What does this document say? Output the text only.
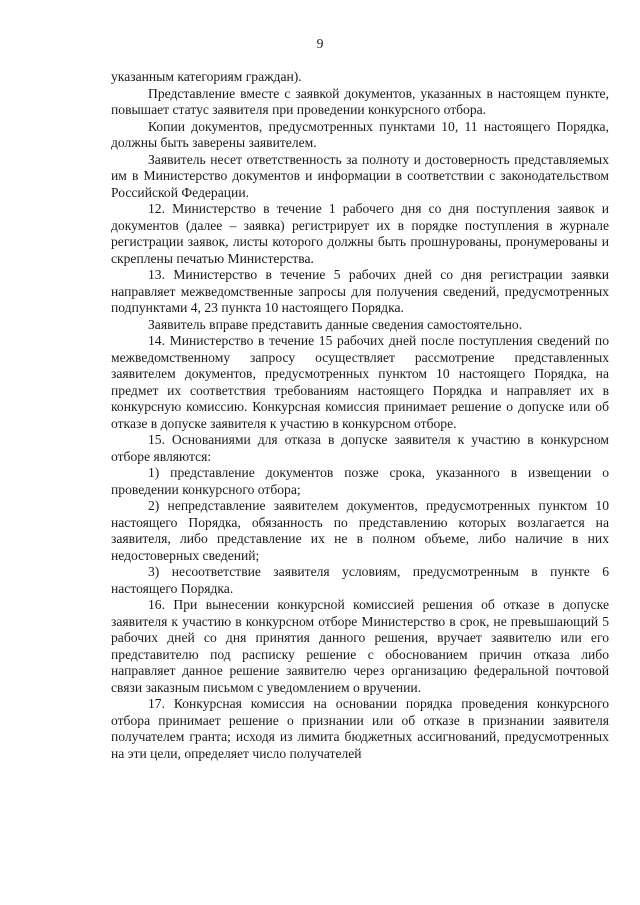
9

указанным категориям граждан).

Представление вместе с заявкой документов, указанных в настоящем пункте, повышает статус заявителя при проведении конкурсного отбора.

Копии документов, предусмотренных пунктами 10, 11 настоящего Порядка, должны быть заверены заявителем.

Заявитель несет ответственность за полноту и достоверность представляемых им в Министерство документов и информации в соответствии с законодательством Российской Федерации.

12. Министерство в течение 1 рабочего дня со дня поступления заявок и документов (далее – заявка) регистрирует их в порядке поступления в журнале регистрации заявок, листы которого должны быть прошнурованы, пронумерованы и скреплены печатью Министерства.

13. Министерство в течение 5 рабочих дней со дня регистрации заявки направляет межведомственные запросы для получения сведений, предусмотренных подпунктами 4, 23 пункта 10 настоящего Порядка.

Заявитель вправе представить данные сведения самостоятельно.

14. Министерство в течение 15 рабочих дней после поступления сведений по межведомственному запросу осуществляет рассмотрение представленных заявителем документов, предусмотренных пунктом 10 настоящего Порядка, на предмет их соответствия требованиям настоящего Порядка и направляет их в конкурсную комиссию. Конкурсная комиссия принимает решение о допуске или об отказе в допуске заявителя к участию в конкурсном отборе.

15. Основаниями для отказа в допуске заявителя к участию в конкурсном отборе являются:

1) представление документов позже срока, указанного в извещении о проведении конкурсного отбора;

2) непредставление заявителем документов, предусмотренных пунктом 10 настоящего Порядка, обязанность по представлению которых возлагается на заявителя, либо представление их не в полном объеме, либо наличие в них недостоверных сведений;

3) несоответствие заявителя условиям, предусмотренным в пункте 6 настоящего Порядка.

16. При вынесении конкурсной комиссией решения об отказе в допуске заявителя к участию в конкурсном отборе Министерство в срок, не превышающий 5 рабочих дней со дня принятия данного решения, вручает заявителю или его представителю под расписку решение с обоснованием причин отказа либо направляет данное решение заявителю через организацию федеральной почтовой связи заказным письмом с уведомлением о вручении.

17. Конкурсная комиссия на основании порядка проведения конкурсного отбора принимает решение о признании или об отказе в признании заявителя получателем гранта; исходя из лимита бюджетных ассигнований, предусмотренных на эти цели, определяет число получателей
